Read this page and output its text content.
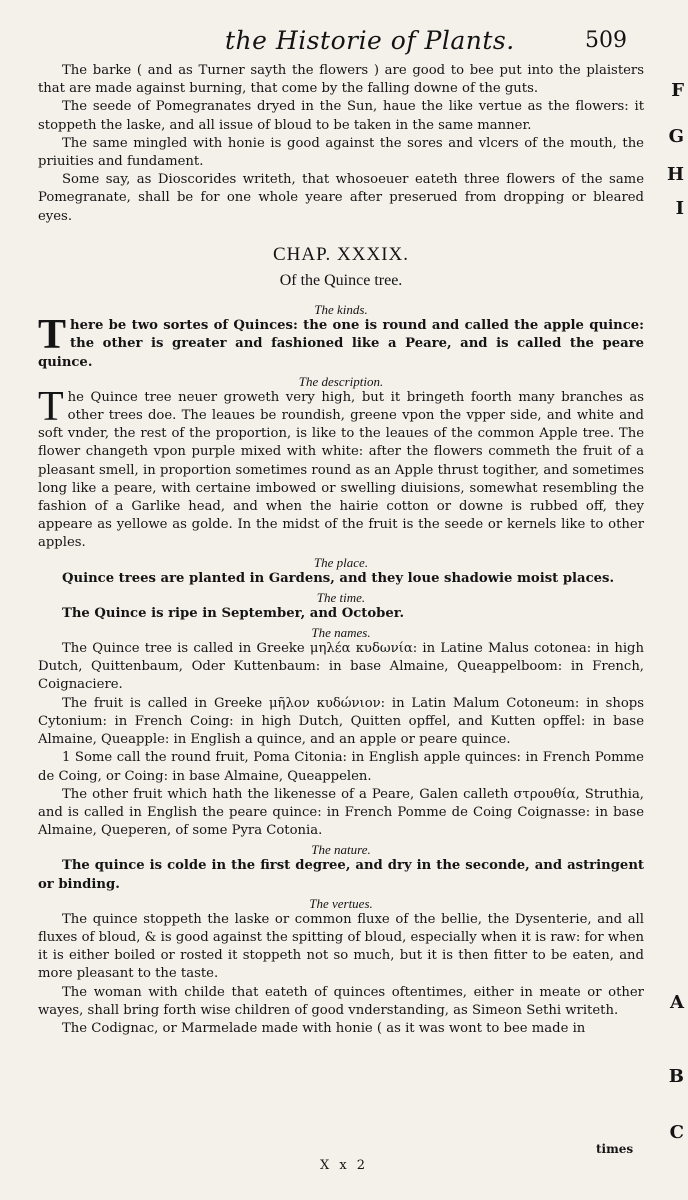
the Historie of Plants.	509
F
G
H
I
A
B
C

The barke ( and as Turner sayth the flowers ) are good to bee put into the plaisters that are made against burning, that come by the falling downe of the guts.

The seede of Pomegranates dryed in the Sun, haue the like vertue as the flowers: it stoppeth the laske, and all issue of bloud to be taken in the same manner.

The same mingled with honie is good against the sores and vlcers of the mouth, the priuities and fundament.

Some say, as Dioscorides writeth, that whosoeuer eateth three flowers of the same Pomegranate, shall be for one whole yeare after preserued from dropping or bleared eyes.

CHAP. XXXIX.
Of the Quince tree.
The kinds.

There be two sortes of Quinces: the one is round and called the apple quince: the other is greater and fashioned like a Peare, and is called the peare quince.

The description.

The Quince tree neuer groweth very high, but it bringeth foorth many branches as other trees doe. The leaues be roundish, greene vpon the vpper side, and white and soft vnder, the rest of the proportion, is like to the leaues of the common Apple tree. The flower changeth vpon purple mixed with white: after the flowers commeth the fruit of a pleasant smell, in proportion sometimes round as an Apple thrust togither, and sometimes long like a peare, with certaine imbowed or swelling diuisions, somewhat resembling the fashion of a Garlike head, and when the hairie cotton or downe is rubbed off, they appeare as yellowe as golde. In the midst of the fruit is the seede or kernels like to other apples.

The place.

Quince trees are planted in Gardens, and they loue shadowie moist places.

The time.

The Quince is ripe in September, and October.

The names.

The Quince tree is called in Greeke μηλέα κυδωνία: in Latine Malus cotonea: in high Dutch, Quittenbaum, Oder Kuttenbaum: in base Almaine, Queappelboom: in French, Coignaciere.

The fruit is called in Greeke μῆλον κυδώνιον: in Latin Malum Cotoneum: in shops Cytonium: in French Coing: in high Dutch, Quitten opffel, and Kutten opffel: in base Almaine, Queapple: in English a quince, and an apple or peare quince.

1 Some call the round fruit, Poma Citonia: in English apple quinces: in French Pomme de Coing, or Coing: in base Almaine, Queappelen.

The other fruit which hath the likenesse of a Peare, Galen calleth στρουθία, Struthia, and is called in English the peare quince: in French Pomme de Coing Coignasse: in base Almaine, Queperen, of some Pyra Cotonia.

The nature.

The quince is colde in the first degree, and dry in the seconde, and astringent or binding.

The vertues.

The quince stoppeth the laske or common fluxe of the bellie, the Dysenterie, and all fluxes of bloud, & is good against the spitting of bloud, especially when it is raw: for when it is either boiled or rosted it stoppeth not so much, but it is then fitter to be eaten, and more pleasant to the taste.

The woman with childe that eateth of quinces oftentimes, either in meate or other wayes, shall bring forth wise children of good vnderstanding, as Simeon Sethi writeth.

The Codignac, or Marmelade made with honie ( as it was wont to bee made in

times
X x 2
